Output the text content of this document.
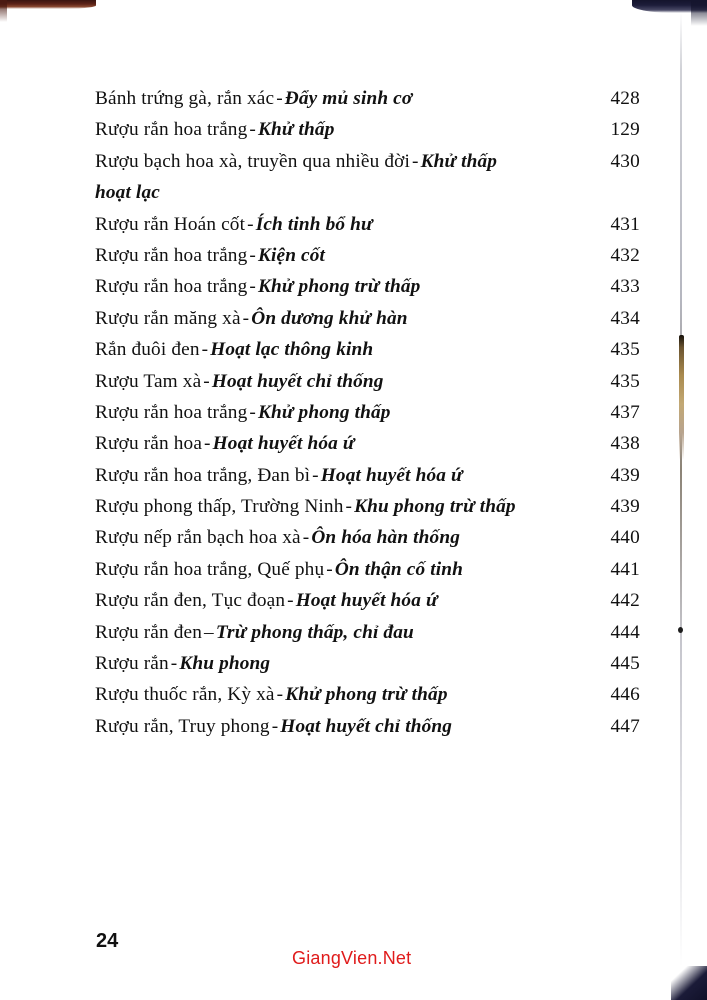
Bánh trứng gà, rắn xác - Đẩy mủ sinh cơ	428
Rượu rắn hoa trắng - Khử thấp	129
Rượu bạch hoa xà, truyền qua nhiều đời - Khử thấp	430
hoạt lạc
Rượu rắn Hoán cốt - Ích tinh bổ hư	431
Rượu rắn hoa trắng - Kiện cốt	432
Rượu rắn hoa trắng - Khử phong trừ thấp	433
Rượu rắn măng xà - Ôn dương khử hàn	434
Rắn đuôi đen - Hoạt lạc thông kinh	435
Rượu Tam xà - Hoạt huyết chỉ thống	435
Rượu rắn hoa trắng - Khử phong thấp	437
Rượu rắn hoa - Hoạt huyết hóa ứ	438
Rượu rắn hoa trắng, Đan bì - Hoạt huyết hóa ứ	439
Rượu phong thấp, Trường Ninh - Khu phong trừ thấp	439
Rượu nếp rắn bạch hoa xà - Ôn hóa hàn thống	440
Rượu rắn hoa trắng, Quế phụ - Ôn thận cố tinh	441
Rượu rắn đen, Tục đoạn - Hoạt huyết hóa ứ	442
Rượu rắn đen – Trừ phong thấp, chỉ đau	444
Rượu rắn - Khu phong	445
Rượu thuốc rắn, Kỳ xà - Khử phong trừ thấp	446
Rượu rắn, Truy phong - Hoạt huyết chỉ thống	447
24
GiangVien.Net
